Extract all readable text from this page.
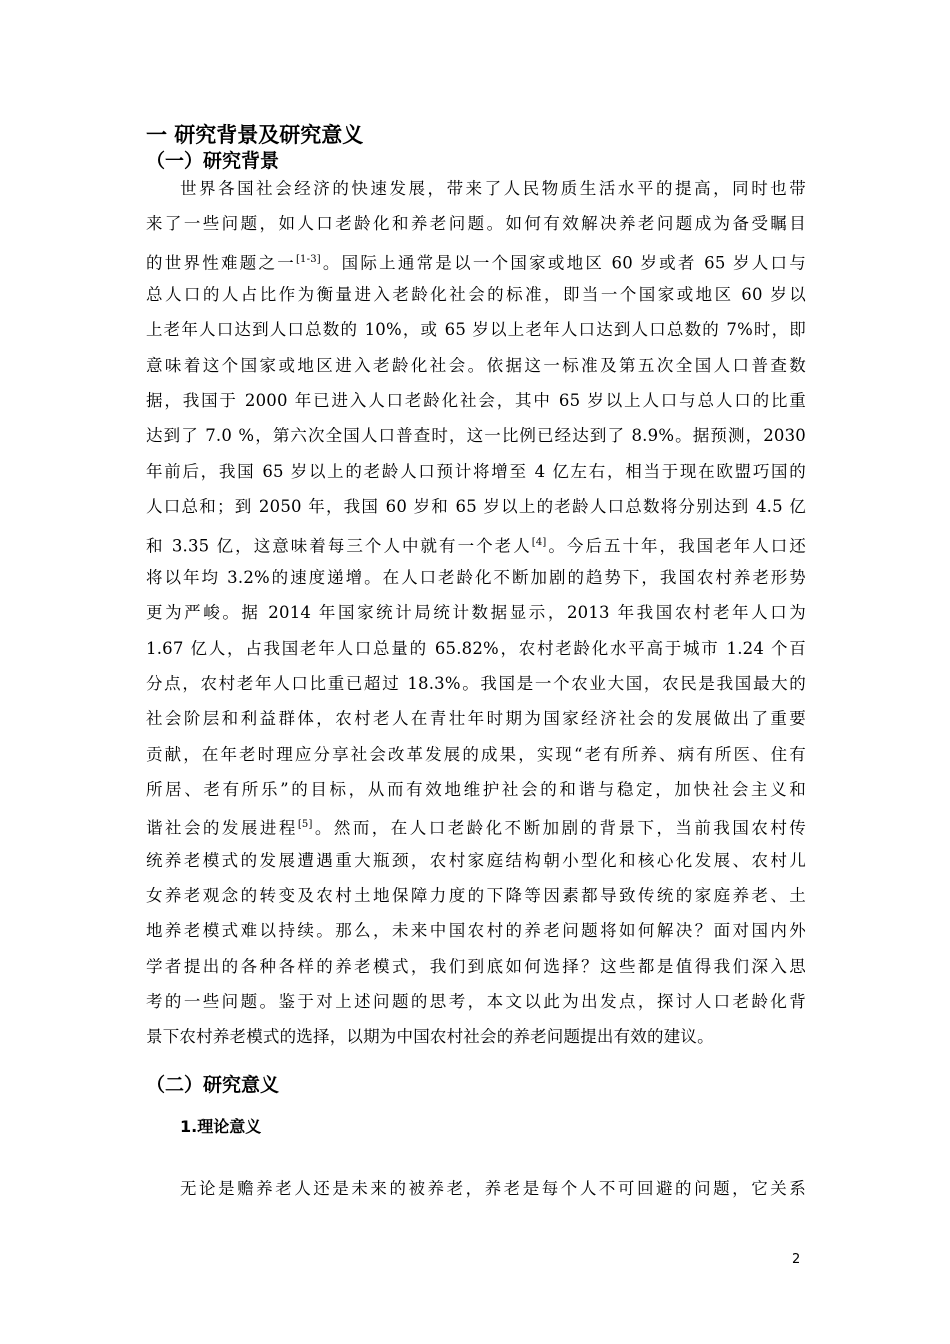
一 研究背景及研究意义
（一）研究背景
世界各国社会经济的快速发展，带来了人民物质生活水平的提高，同时也带
来了一些问题，如人口老龄化和养老问题。如何有效解决养老问题成为备受瞩目
的世界性难题之一[1-3]。国际上通常是以一个国家或地区 60 岁或者 65 岁人口与
总人口的人占比作为衡量进入老龄化社会的标准，即当一个国家或地区 60 岁以
上老年人口达到人口总数的 10%，或 65 岁以上老年人口达到人口总数的 7%时，即
意味着这个国家或地区进入老龄化社会。依据这一标准及第五次全国人口普查数
据，我国于 2000 年已进入人口老龄化社会，其中 65 岁以上人口与总人口的比重
达到了 7.0 %，第六次全国人口普查时，这一比例已经达到了 8.9%。据预测，2030
年前后，我国 65 岁以上的老龄人口预计将增至 4 亿左右，相当于现在欧盟巧国的
人口总和；到 2050 年，我国 60 岁和 65 岁以上的老龄人口总数将分别达到 4.5 亿
和 3.35 亿，这意味着每三个人中就有一个老人[4]。今后五十年，我国老年人口还
将以年均 3.2%的速度递增。在人口老龄化不断加剧的趋势下，我国农村养老形势
更为严峻。据 2014 年国家统计局统计数据显示，2013 年我国农村老年人口为
1.67 亿人，占我国老年人口总量的 65.82%，农村老龄化水平高于城市 1.24 个百
分点，农村老年人口比重已超过 18.3%。我国是一个农业大国，农民是我国最大的
社会阶层和利益群体，农村老人在青壮年时期为国家经济社会的发展做出了重要
贡献，在年老时理应分享社会改革发展的成果，实现“老有所养、病有所医、住有
所居、老有所乐”的目标，从而有效地维护社会的和谐与稳定，加快社会主义和
谐社会的发展进程[5]。然而，在人口老龄化不断加剧的背景下，当前我国农村传
统养老模式的发展遭遇重大瓶颈，农村家庭结构朝小型化和核心化发展、农村儿
女养老观念的转变及农村土地保障力度的下降等因素都导致传统的家庭养老、土
地养老模式难以持续。那么，未来中国农村的养老问题将如何解决？面对国内外
学者提出的各种各样的养老模式，我们到底如何选择？这些都是值得我们深入思
考的一些问题。鉴于对上述问题的思考，本文以此为出发点，探讨人口老龄化背
景下农村养老模式的选择，以期为中国农村社会的养老问题提出有效的建议。
（二）研究意义
1.理论意义
无论是赡养老人还是未来的被养老，养老是每个人不可回避的问题，它关系
2
